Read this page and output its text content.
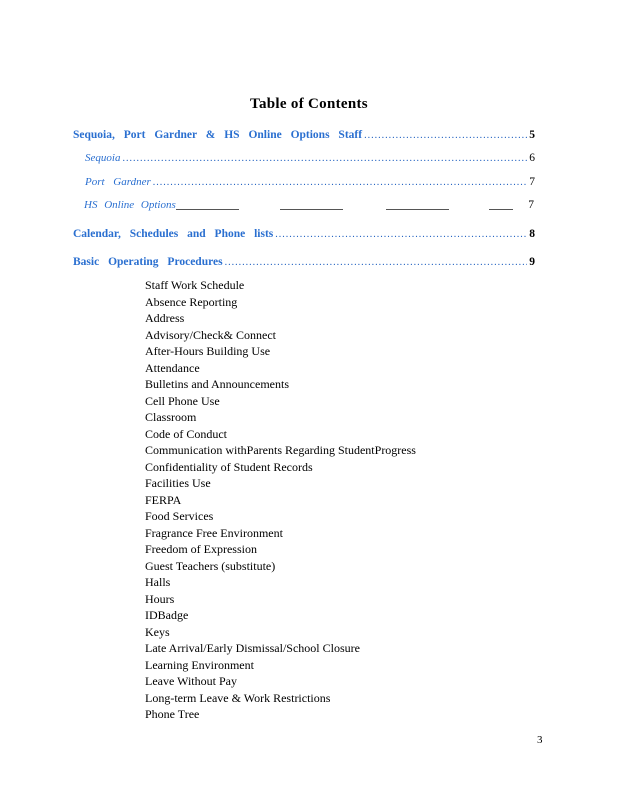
Table of Contents
Sequoia, Port Gardner & HS Online Options Staff .....	5
Sequoia .....	6
Port Gardner .....	7
HS Online Options	7
Calendar, Schedules and Phone lists .....	8
Basic Operating Procedures .....	9
Staff Work Schedule
Absence Reporting
Address
Advisory/Check& Connect
After-Hours Building Use
Attendance
Bulletins and Announcements
Cell Phone Use
Classroom
Code of Conduct
Communication withParents Regarding StudentProgress
Confidentiality of Student Records
Facilities Use
FERPA
Food Services
Fragrance Free Environment
Freedom of Expression
Guest Teachers (substitute)
Halls
Hours
IDBadge
Keys
Late Arrival/Early Dismissal/School Closure
Learning Environment
Leave Without Pay
Long-term Leave & Work Restrictions
Phone Tree
3
